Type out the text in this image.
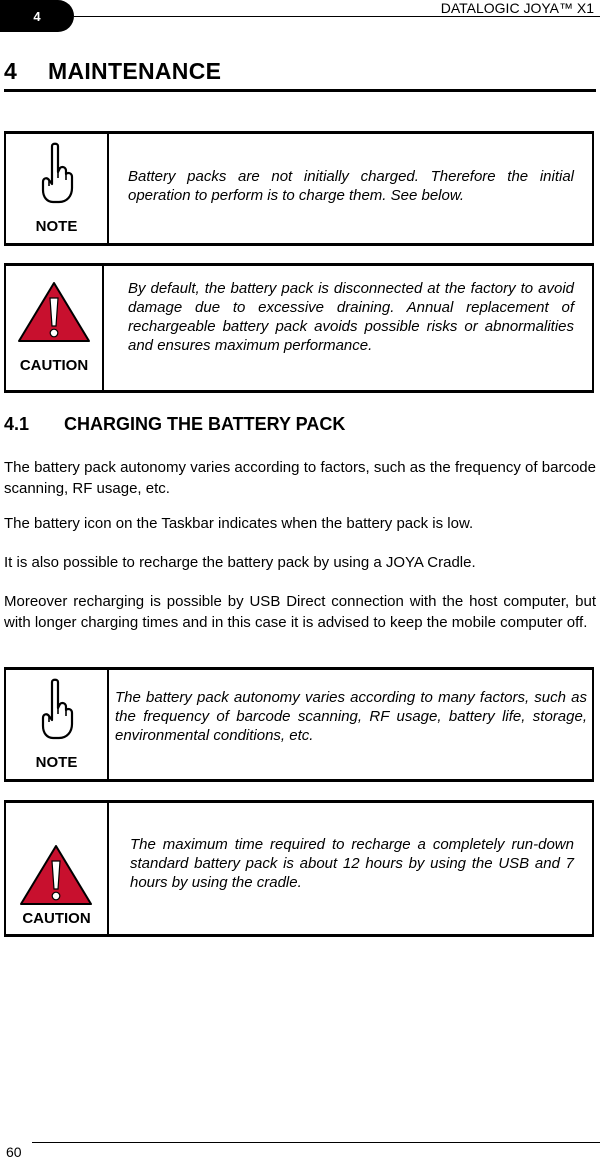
4	DATALOGIC JOYA™ X1
4 MAINTENANCE
NOTE
Battery packs are not initially charged. Therefore the initial operation to perform is to charge them. See below.
CAUTION
By default, the battery pack is disconnected at the factory to avoid damage due to excessive draining. Annual replacement of rechargeable battery pack avoids possible risks or abnormalities and ensures maximum performance.
4.1 CHARGING THE BATTERY PACK
The battery pack autonomy varies according to factors, such as the frequency of barcode scanning, RF usage, etc.
The battery icon on the Taskbar indicates when the battery pack is low.
It is also possible to recharge the battery pack by using a JOYA Cradle.
Moreover recharging is possible by USB Direct connection with the host computer, but with longer charging times and in this case it is advised to keep the mobile computer off.
NOTE
The battery pack autonomy varies according to many factors, such as the frequency of barcode scanning, RF usage, battery life, storage, environmental conditions, etc.
CAUTION
The maximum time required to recharge a completely run-down standard battery pack is about 12 hours by using the USB and 7 hours by using the cradle.
60
